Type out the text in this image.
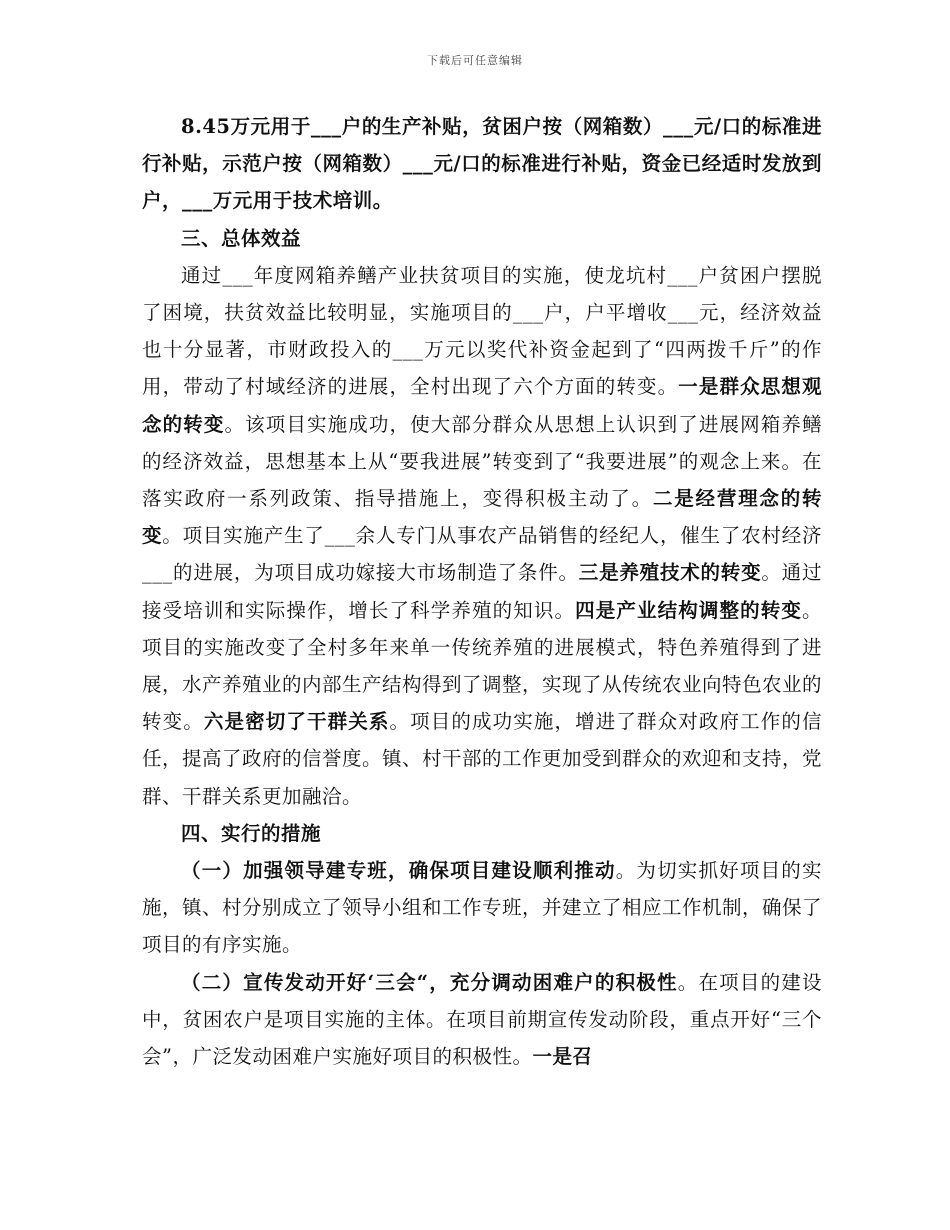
下载后可任意编辑

8.45万元用于___户的生产补贴，贫困户按（网箱数）___元/口的标准进行补贴，示范户按（网箱数）___元/口的标准进行补贴，资金已经适时发放到户，___万元用于技术培训。

三、总体效益

通过___年度网箱养鳝产业扶贫项目的实施，使龙坑村___户贫困户摆脱了困境，扶贫效益比较明显，实施项目的___户，户平增收___元，经济效益也十分显著，市财政投入的___万元以奖代补资金起到了“四两拨千斤”的作用，带动了村域经济的进展，全村出现了六个方面的转变。一是群众思想观念的转变。该项目实施成功，使大部分群众从思想上认识到了进展网箱养鳝的经济效益，思想基本上从“要我进展”转变到了“我要进展”的观念上来。在落实政府一系列政策、指导措施上，变得积极主动了。二是经营理念的转变。项目实施产生了___余人专门从事农产品销售的经纪人，催生了农村经济___的进展，为项目成功嫁接大市场制造了条件。三是养殖技术的转变。通过接受培训和实际操作，增长了科学养殖的知识。四是产业结构调整的转变。项目的实施改变了全村多年来单一传统养殖的进展模式，特色养殖得到了进展，水产养殖业的内部生产结构得到了调整，实现了从传统农业向特色农业的转变。六是密切了干群关系。项目的成功实施，增进了群众对政府工作的信任，提高了政府的信誉度。镇、村干部的工作更加受到群众的欢迎和支持，党群、干群关系更加融洽。

四、实行的措施

（一）加强领导建专班，确保项目建设顺利推动。为切实抓好项目的实施，镇、村分别成立了领导小组和工作专班，并建立了相应工作机制，确保了项目的有序实施。

（二）宣传发动开好‘三会“，充分调动困难户的积极性。在项目的建设中，贫困农户是项目实施的主体。在项目前期宣传发动阶段，重点开好“三个会”，广泛发动困难户实施好项目的积极性。一是召
